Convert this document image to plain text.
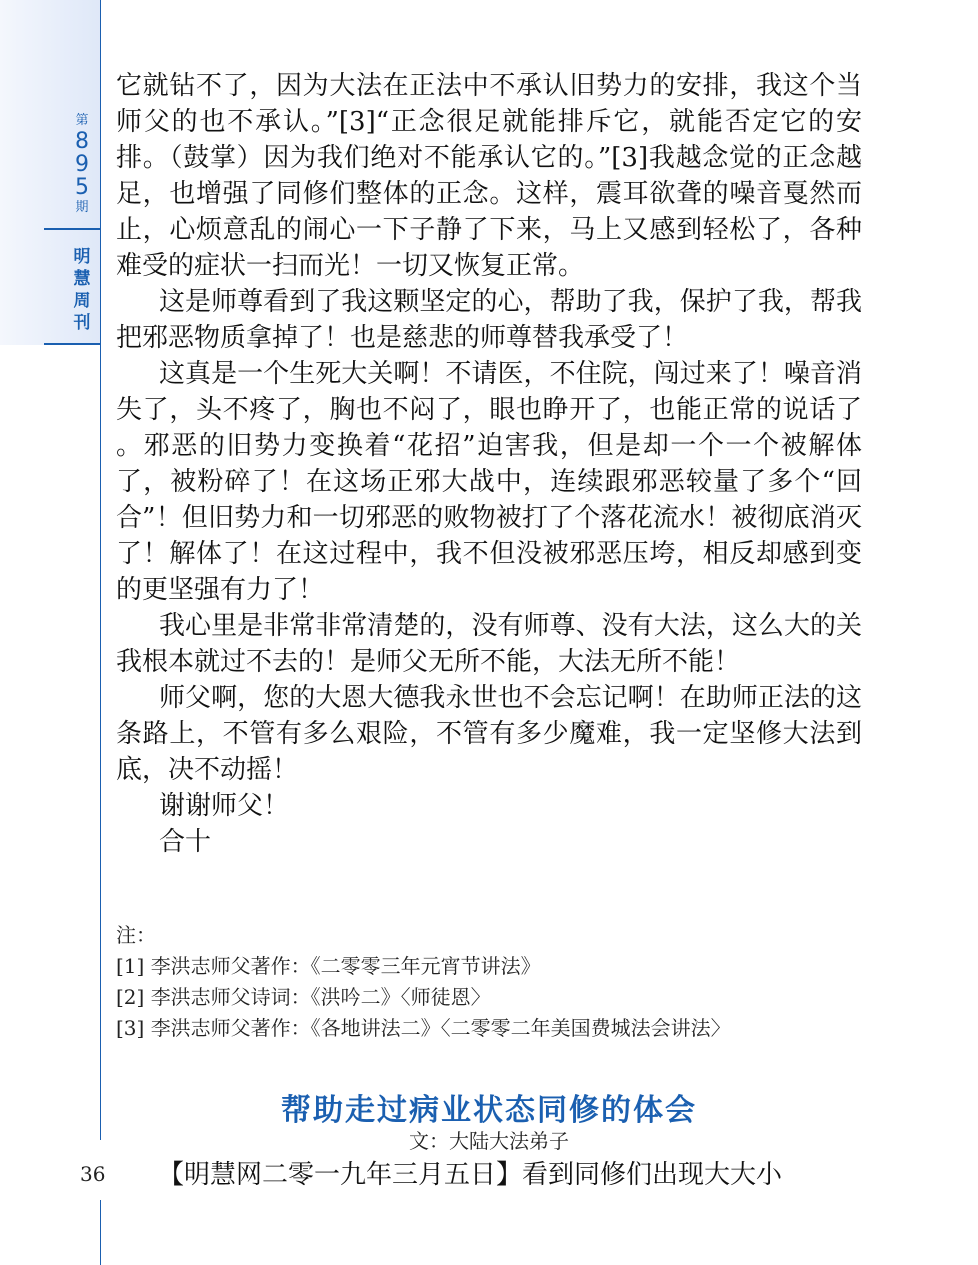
第
8
9
5
期
明
慧
周
刊
36

它就钻不了，因为大法在正法中不承认旧势力的安排，我这个当师父的也不承认。”[3]“正念很足就能排斥它，就能否定它的安排。（鼓掌）因为我们绝对不能承认它的。”[3]我越念觉的正念越足，也增强了同修们整体的正念。这样，震耳欲聋的噪音戛然而止，心烦意乱的闹心一下子静了下来，马上又感到轻松了，各种难受的症状一扫而光！一切又恢复正常。

这是师尊看到了我这颗坚定的心，帮助了我，保护了我，帮我把邪恶物质拿掉了！也是慈悲的师尊替我承受了！

这真是一个生死大关啊！不请医，不住院，闯过来了！噪音消失了，头不疼了，胸也不闷了，眼也睁开了，也能正常的说话了 。邪恶的旧势力变换着“花招”迫害我，但是却一个一个被解体了，被粉碎了！在这场正邪大战中，连续跟邪恶较量了多个“回合”！但旧势力和一切邪恶的败物被打了个落花流水！被彻底消灭了！解体了！在这过程中，我不但没被邪恶压垮，相反却感到变的更坚强有力了！

我心里是非常非常清楚的，没有师尊、没有大法，这么大的关我根本就过不去的！是师父无所不能，大法无所不能！

师父啊，您的大恩大德我永世也不会忘记啊！在助师正法的这条路上，不管有多么艰险，不管有多少魔难，我一定坚修大法到底，决不动摇！

谢谢师父！

合十

注：
[1] 李洪志师父著作：《二零零三年元宵节讲法》
[2] 李洪志师父诗词：《洪吟二》〈师徒恩〉
[3] 李洪志师父著作：《各地讲法二》〈二零零二年美国费城法会讲法〉
帮助走过病业状态同修的体会
文：大陆大法弟子
【明慧网二零一九年三月五日】看到同修们出现大大小
